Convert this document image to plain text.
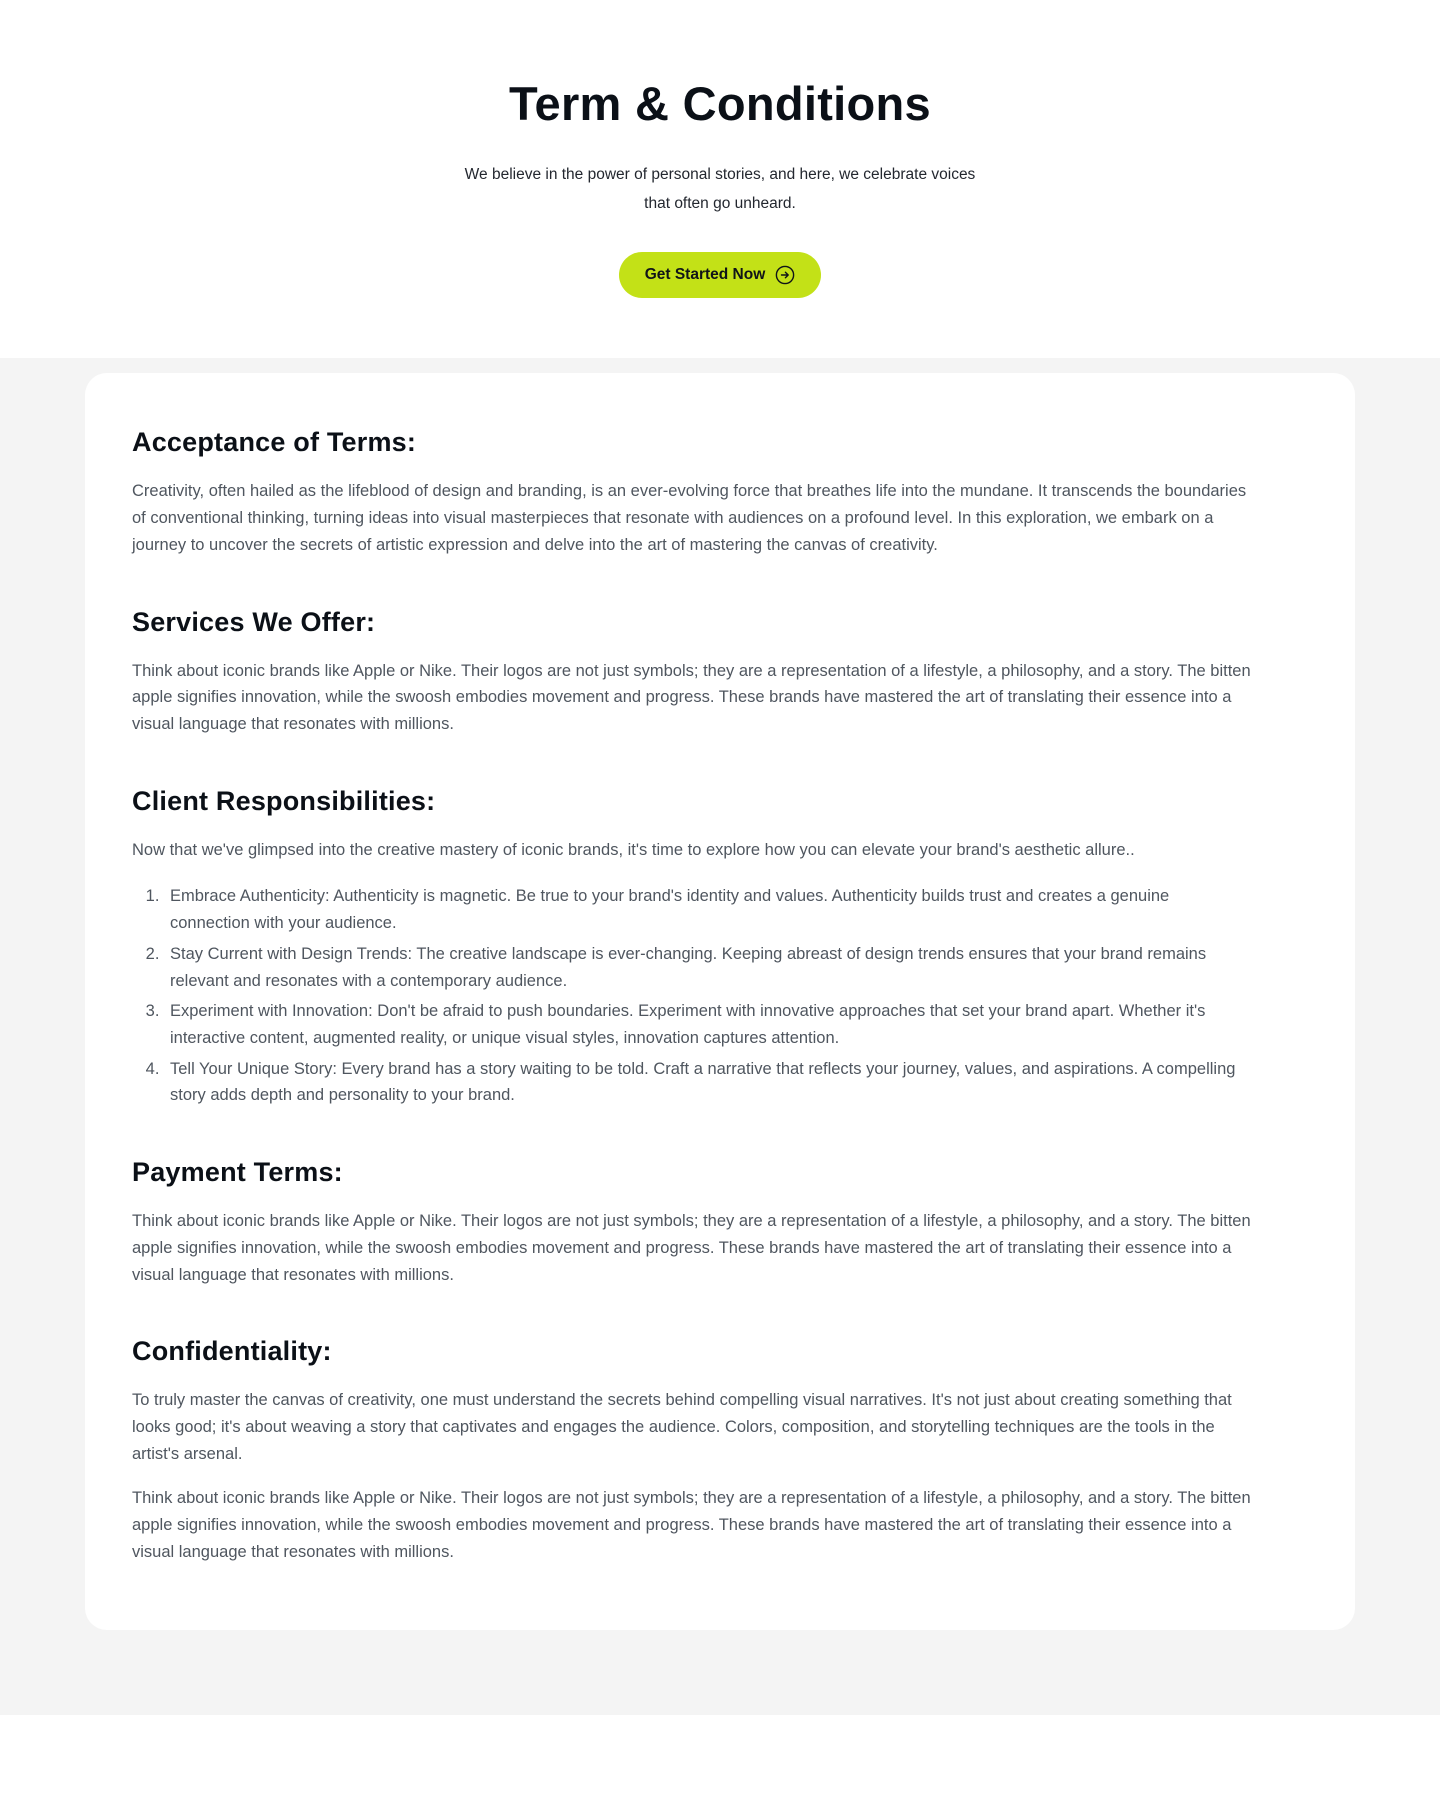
Term & Conditions

We believe in the power of personal stories, and here, we celebrate voices
that often go unheard.

Get Started Now
Acceptance of Terms:

Creativity, often hailed as the lifeblood of design and branding, is an ever-evolving force that breathes life into the mundane. It transcends the boundaries of conventional thinking, turning ideas into visual masterpieces that resonate with audiences on a profound level. In this exploration, we embark on a journey to uncover the secrets of artistic expression and delve into the art of mastering the canvas of creativity.

Services We Offer:

Think about iconic brands like Apple or Nike. Their logos are not just symbols; they are a representation of a lifestyle, a philosophy, and a story. The bitten apple signifies innovation, while the swoosh embodies movement and progress. These brands have mastered the art of translating their essence into a visual language that resonates with millions.

Client Responsibilities:

Now that we've glimpsed into the creative mastery of iconic brands, it's time to explore how you can elevate your brand's aesthetic allure..

1. Embrace Authenticity: Authenticity is magnetic. Be true to your brand's identity and values. Authenticity builds trust and creates a genuine connection with your audience.
2. Stay Current with Design Trends: The creative landscape is ever-changing. Keeping abreast of design trends ensures that your brand remains relevant and resonates with a contemporary audience.
3. Experiment with Innovation: Don't be afraid to push boundaries. Experiment with innovative approaches that set your brand apart. Whether it's interactive content, augmented reality, or unique visual styles, innovation captures attention.
4. Tell Your Unique Story: Every brand has a story waiting to be told. Craft a narrative that reflects your journey, values, and aspirations. A compelling story adds depth and personality to your brand.
Payment Terms:

Think about iconic brands like Apple or Nike. Their logos are not just symbols; they are a representation of a lifestyle, a philosophy, and a story. The bitten apple signifies innovation, while the swoosh embodies movement and progress. These brands have mastered the art of translating their essence into a visual language that resonates with millions.

Confidentiality:

To truly master the canvas of creativity, one must understand the secrets behind compelling visual narratives. It's not just about creating something that looks good; it's about weaving a story that captivates and engages the audience. Colors, composition, and storytelling techniques are the tools in the artist's arsenal.

Think about iconic brands like Apple or Nike. Their logos are not just symbols; they are a representation of a lifestyle, a philosophy, and a story. The bitten apple signifies innovation, while the swoosh embodies movement and progress. These brands have mastered the art of translating their essence into a visual language that resonates with millions.
